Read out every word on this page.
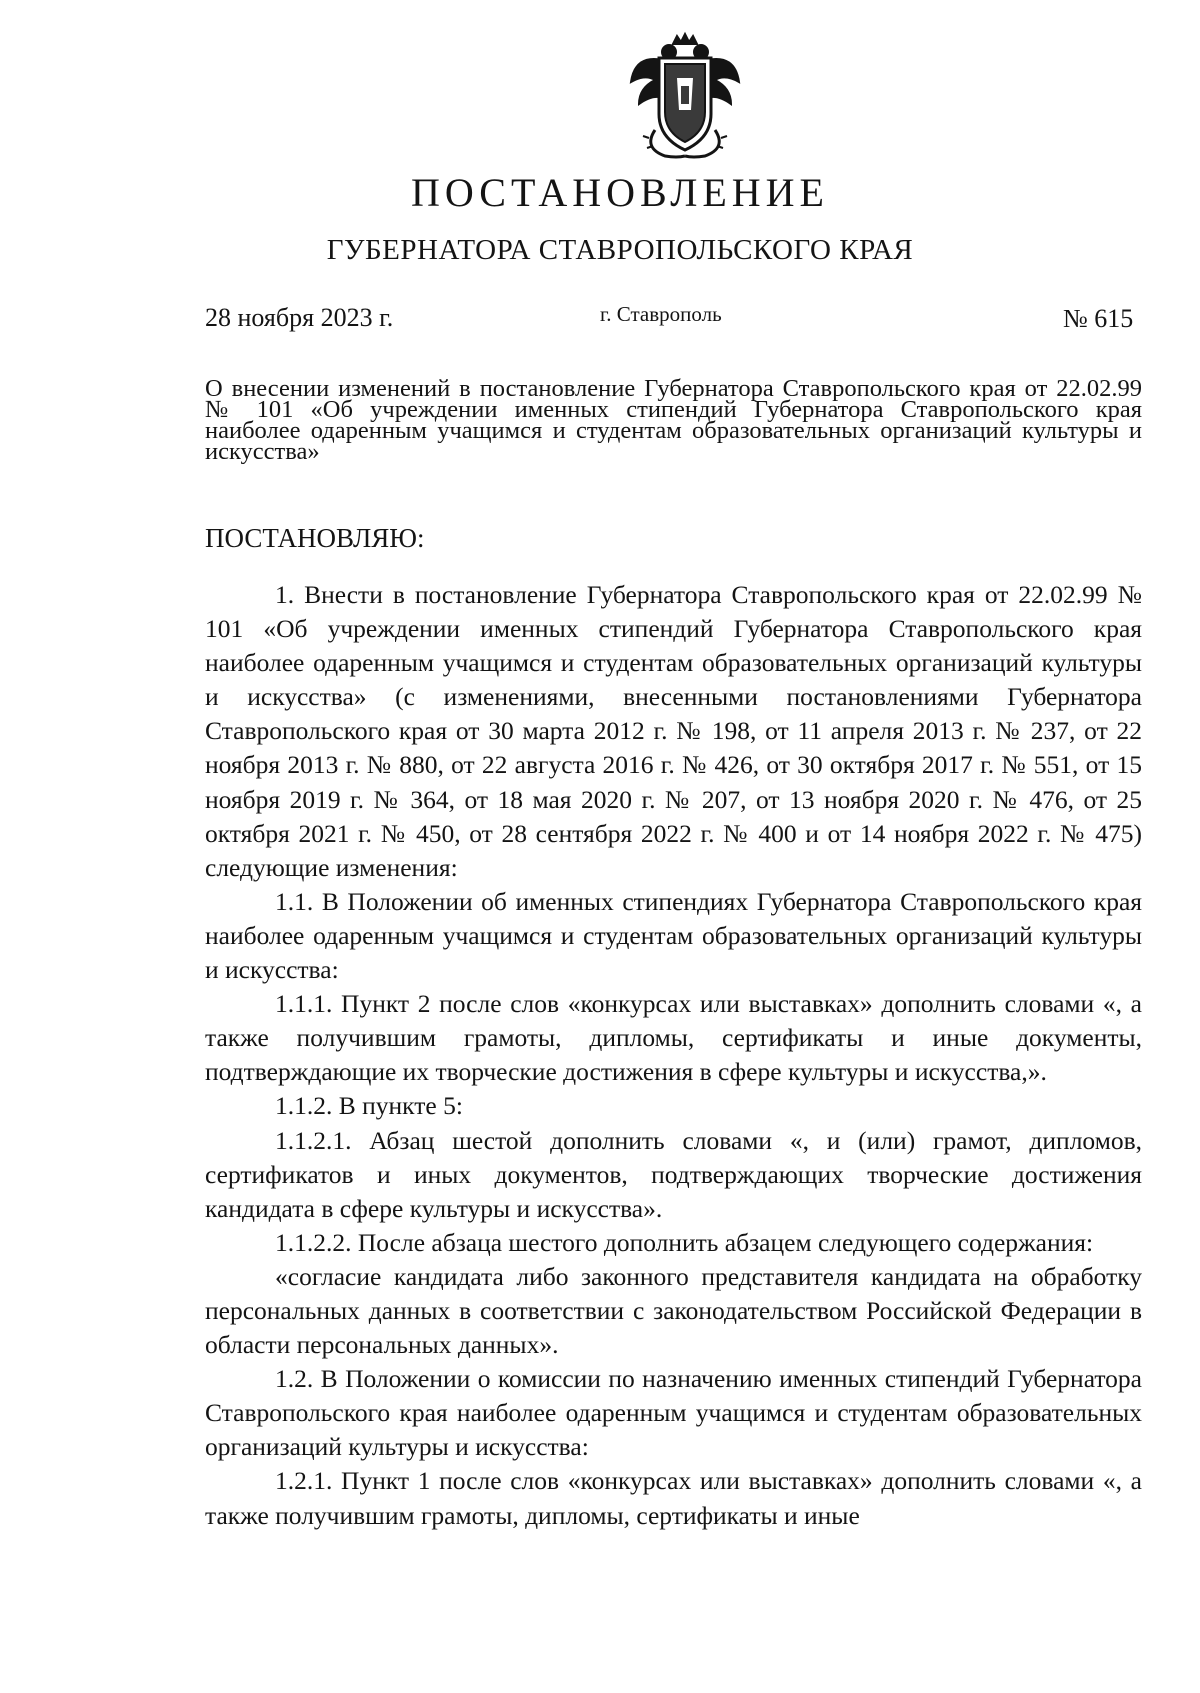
ПОСТАНОВЛЕНИЕ
ГУБЕРНАТОРА СТАВРОПОЛЬСКОГО КРАЯ
28 ноября 2023 г.	г. Ставрополь	№ 615

О внесении изменений в постановление Губернатора Ставропольского края от 22.02.99 № 101 «Об учреждении именных стипендий Губернатора Ставропольского края наиболее одаренным учащимся и студентам образовательных организаций культуры и искусства»

ПОСТАНОВЛЯЮ:

1. Внести в постановление Губернатора Ставропольского края от 22.02.99 № 101 «Об учреждении именных стипендий Губернатора Ставропольского края наиболее одаренным учащимся и студентам образовательных организаций культуры и искусства» (с изменениями, внесенными постановлениями Губернатора Ставропольского края от 30 марта 2012 г. № 198, от 11 апреля 2013 г. № 237, от 22 ноября 2013 г. № 880, от 22 августа 2016 г. № 426, от 30 октября 2017 г. № 551, от 15 ноября 2019 г. № 364, от 18 мая 2020 г. № 207, от 13 ноября 2020 г. № 476, от 25 октября 2021 г. № 450, от 28 сентября 2022 г. № 400 и от 14 ноября 2022 г. № 475) следующие изменения:

1.1. В Положении об именных стипендиях Губернатора Ставропольского края наиболее одаренным учащимся и студентам образовательных организаций культуры и искусства:

1.1.1. Пункт 2 после слов «конкурсах или выставках» дополнить словами «, а также получившим грамоты, дипломы, сертификаты и иные документы, подтверждающие их творческие достижения в сфере культуры и искусства,».

1.1.2. В пункте 5:

1.1.2.1. Абзац шестой дополнить словами «, и (или) грамот, дипломов, сертификатов и иных документов, подтверждающих творческие достижения кандидата в сфере культуры и искусства».

1.1.2.2. После абзаца шестого дополнить абзацем следующего содержания:

«согласие кандидата либо законного представителя кандидата на обработку персональных данных в соответствии с законодательством Российской Федерации в области персональных данных».

1.2. В Положении о комиссии по назначению именных стипендий Губернатора Ставропольского края наиболее одаренным учащимся и студентам образовательных организаций культуры и искусства:

1.2.1. Пункт 1 после слов «конкурсах или выставках» дополнить словами «, а также получившим грамоты, дипломы, сертификаты и иные
